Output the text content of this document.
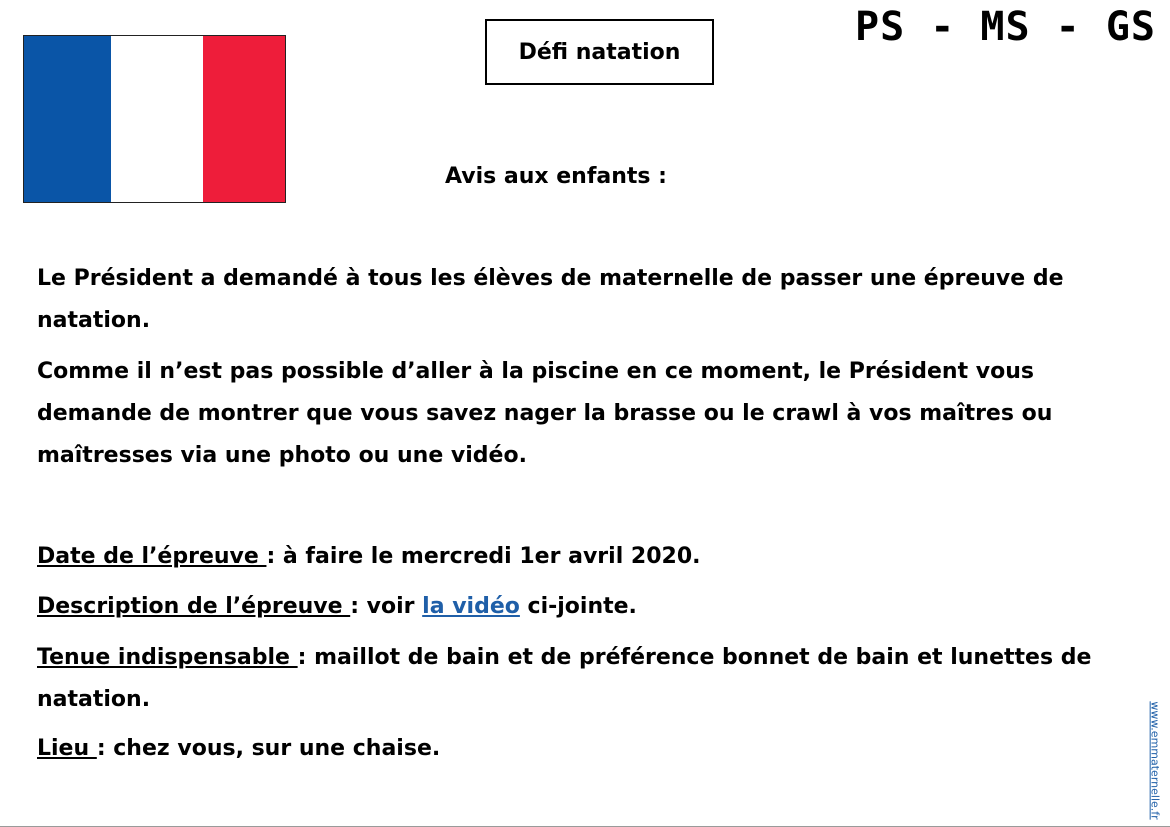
Défi natation
PS - MS - GS
Avis aux enfants :

Le Président a demandé à tous les élèves de maternelle de passer une épreuve de natation.

Comme il n’est pas possible d’aller à la piscine en ce moment, le Président vous demande de montrer que vous savez nager la brasse ou le crawl à vos maîtres ou maîtresses via une photo ou une vidéo.

Date de l’épreuve : à faire le mercredi 1er avril 2020.

Description de l’épreuve : voir la vidéo ci-jointe.

Tenue indispensable : maillot de bain et de préférence bonnet de bain et lunettes de natation.

Lieu : chez vous, sur une chaise.	www.emmaternelle.fr
